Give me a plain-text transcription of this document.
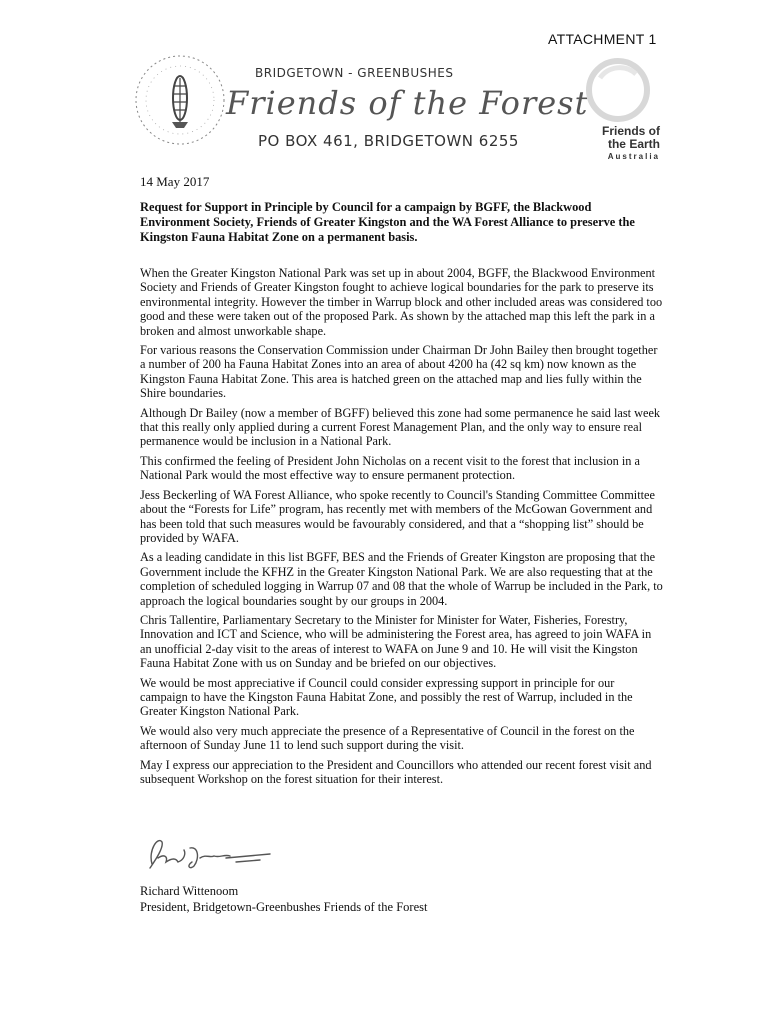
ATTACHMENT 1
BRIDGETOWN - GREENBUSHES
Friends of the Forest
PO BOX 461, BRIDGETOWN 6255
Friends of
the Earth
Australia
14 May 2017
Request for Support in Principle by Council for a campaign by BGFF, the Blackwood Environment Society, Friends of Greater Kingston and the WA Forest Alliance to preserve the Kingston Fauna Habitat Zone on a permanent basis.

When the Greater Kingston National Park was set up in about 2004, BGFF, the Blackwood Environment Society and Friends of Greater Kingston fought to achieve logical boundaries for the park to preserve its environmental integrity. However the timber in Warrup block and other included areas was considered too good and these were taken out of the proposed Park. As shown by the attached map this left the park in a broken and almost unworkable shape.

For various reasons the Conservation Commission under Chairman Dr John Bailey then brought together a number of 200 ha Fauna Habitat Zones into an area of about 4200 ha (42 sq km) now known as the Kingston Fauna Habitat Zone. This area is hatched green on the attached map and lies fully within the Shire boundaries.

Although Dr Bailey (now a member of BGFF) believed this zone had some permanence he said last week that this really only applied during a current Forest Management Plan, and the only way to ensure real permanence would be inclusion in a National Park.

This confirmed the feeling of President John Nicholas on a recent visit to the forest that inclusion in a National Park would the most effective way to ensure permanent protection.

Jess Beckerling of WA Forest Alliance, who spoke recently to Council's Standing Committee Committee about the “Forests for Life” program, has recently met with members of the McGowan Government and has been told that such measures would be favourably considered, and that a “shopping list” should be provided by WAFA.

As a leading candidate in this list BGFF, BES and the Friends of Greater Kingston are proposing that the Government include the KFHZ in the Greater Kingston National Park. We are also requesting that at the completion of scheduled logging in Warrup 07 and 08 that the whole of Warrup be included in the Park, to approach the logical boundaries sought by our groups in 2004.

Chris Tallentire, Parliamentary Secretary to the Minister for Minister for Water, Fisheries, Forestry, Innovation and ICT and Science, who will be administering the Forest area, has agreed to join WAFA in an unofficial 2-day visit to the areas of interest to WAFA on June 9 and 10. He will visit the Kingston Fauna Habitat Zone with us on Sunday and be briefed on our objectives.

We would be most appreciative if Council could consider expressing support in principle for our campaign to have the Kingston Fauna Habitat Zone, and possibly the rest of Warrup, included in the Greater Kingston National Park.

We would also very much appreciate the presence of a Representative of Council in the forest on the afternoon of Sunday June 11 to lend such support during the visit.

May I express our appreciation to the President and Councillors who attended our recent forest visit and subsequent Workshop on the forest situation for their interest.

Richard Wittenoom
President, Bridgetown-Greenbushes Friends of the Forest
